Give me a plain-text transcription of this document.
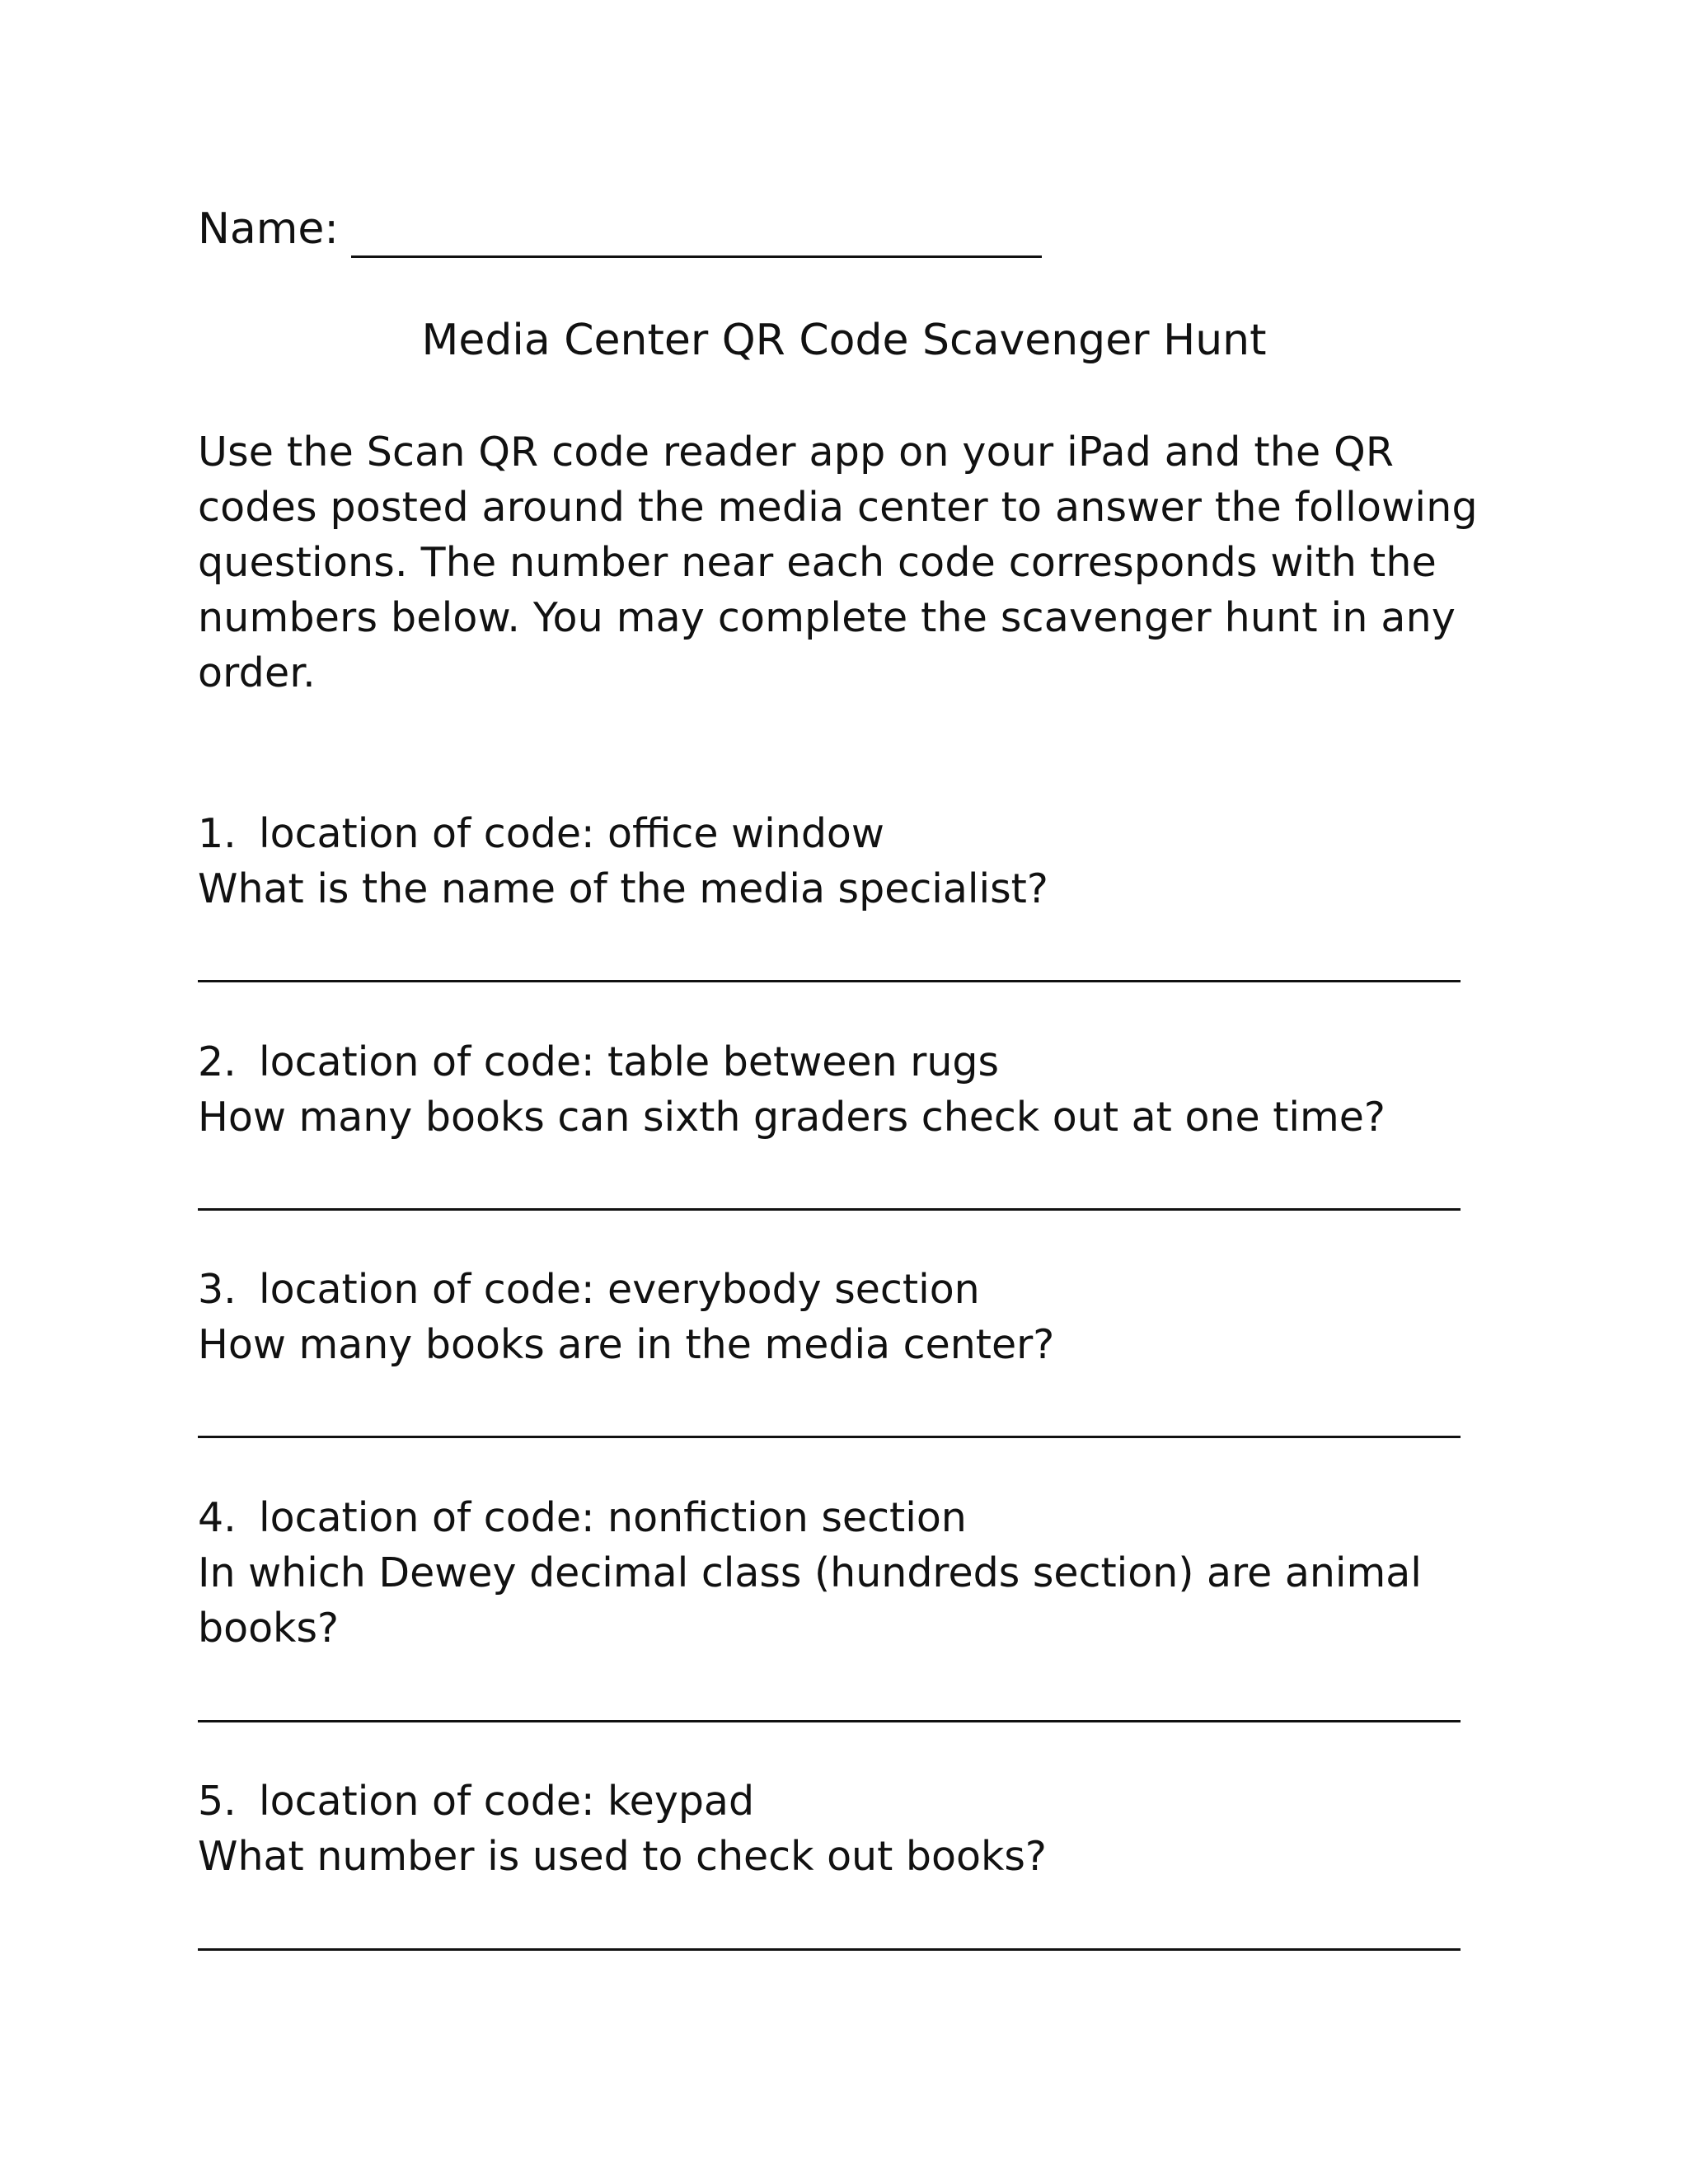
Name:
Media Center QR Code Scavenger Hunt

Use the Scan QR code reader app on your iPad and the QR codes posted around the media center to answer the following questions. The number near each code corresponds with the numbers below. You may complete the scavenger hunt in any order.

1. location of code: office window
What is the name of the media specialist?
2. location of code: table between rugs
How many books can sixth graders check out at one time?
3. location of code: everybody section
How many books are in the media center?
4. location of code: nonfiction section
In which Dewey decimal class (hundreds section) are animal books?
5. location of code: keypad
What number is used to check out books?
